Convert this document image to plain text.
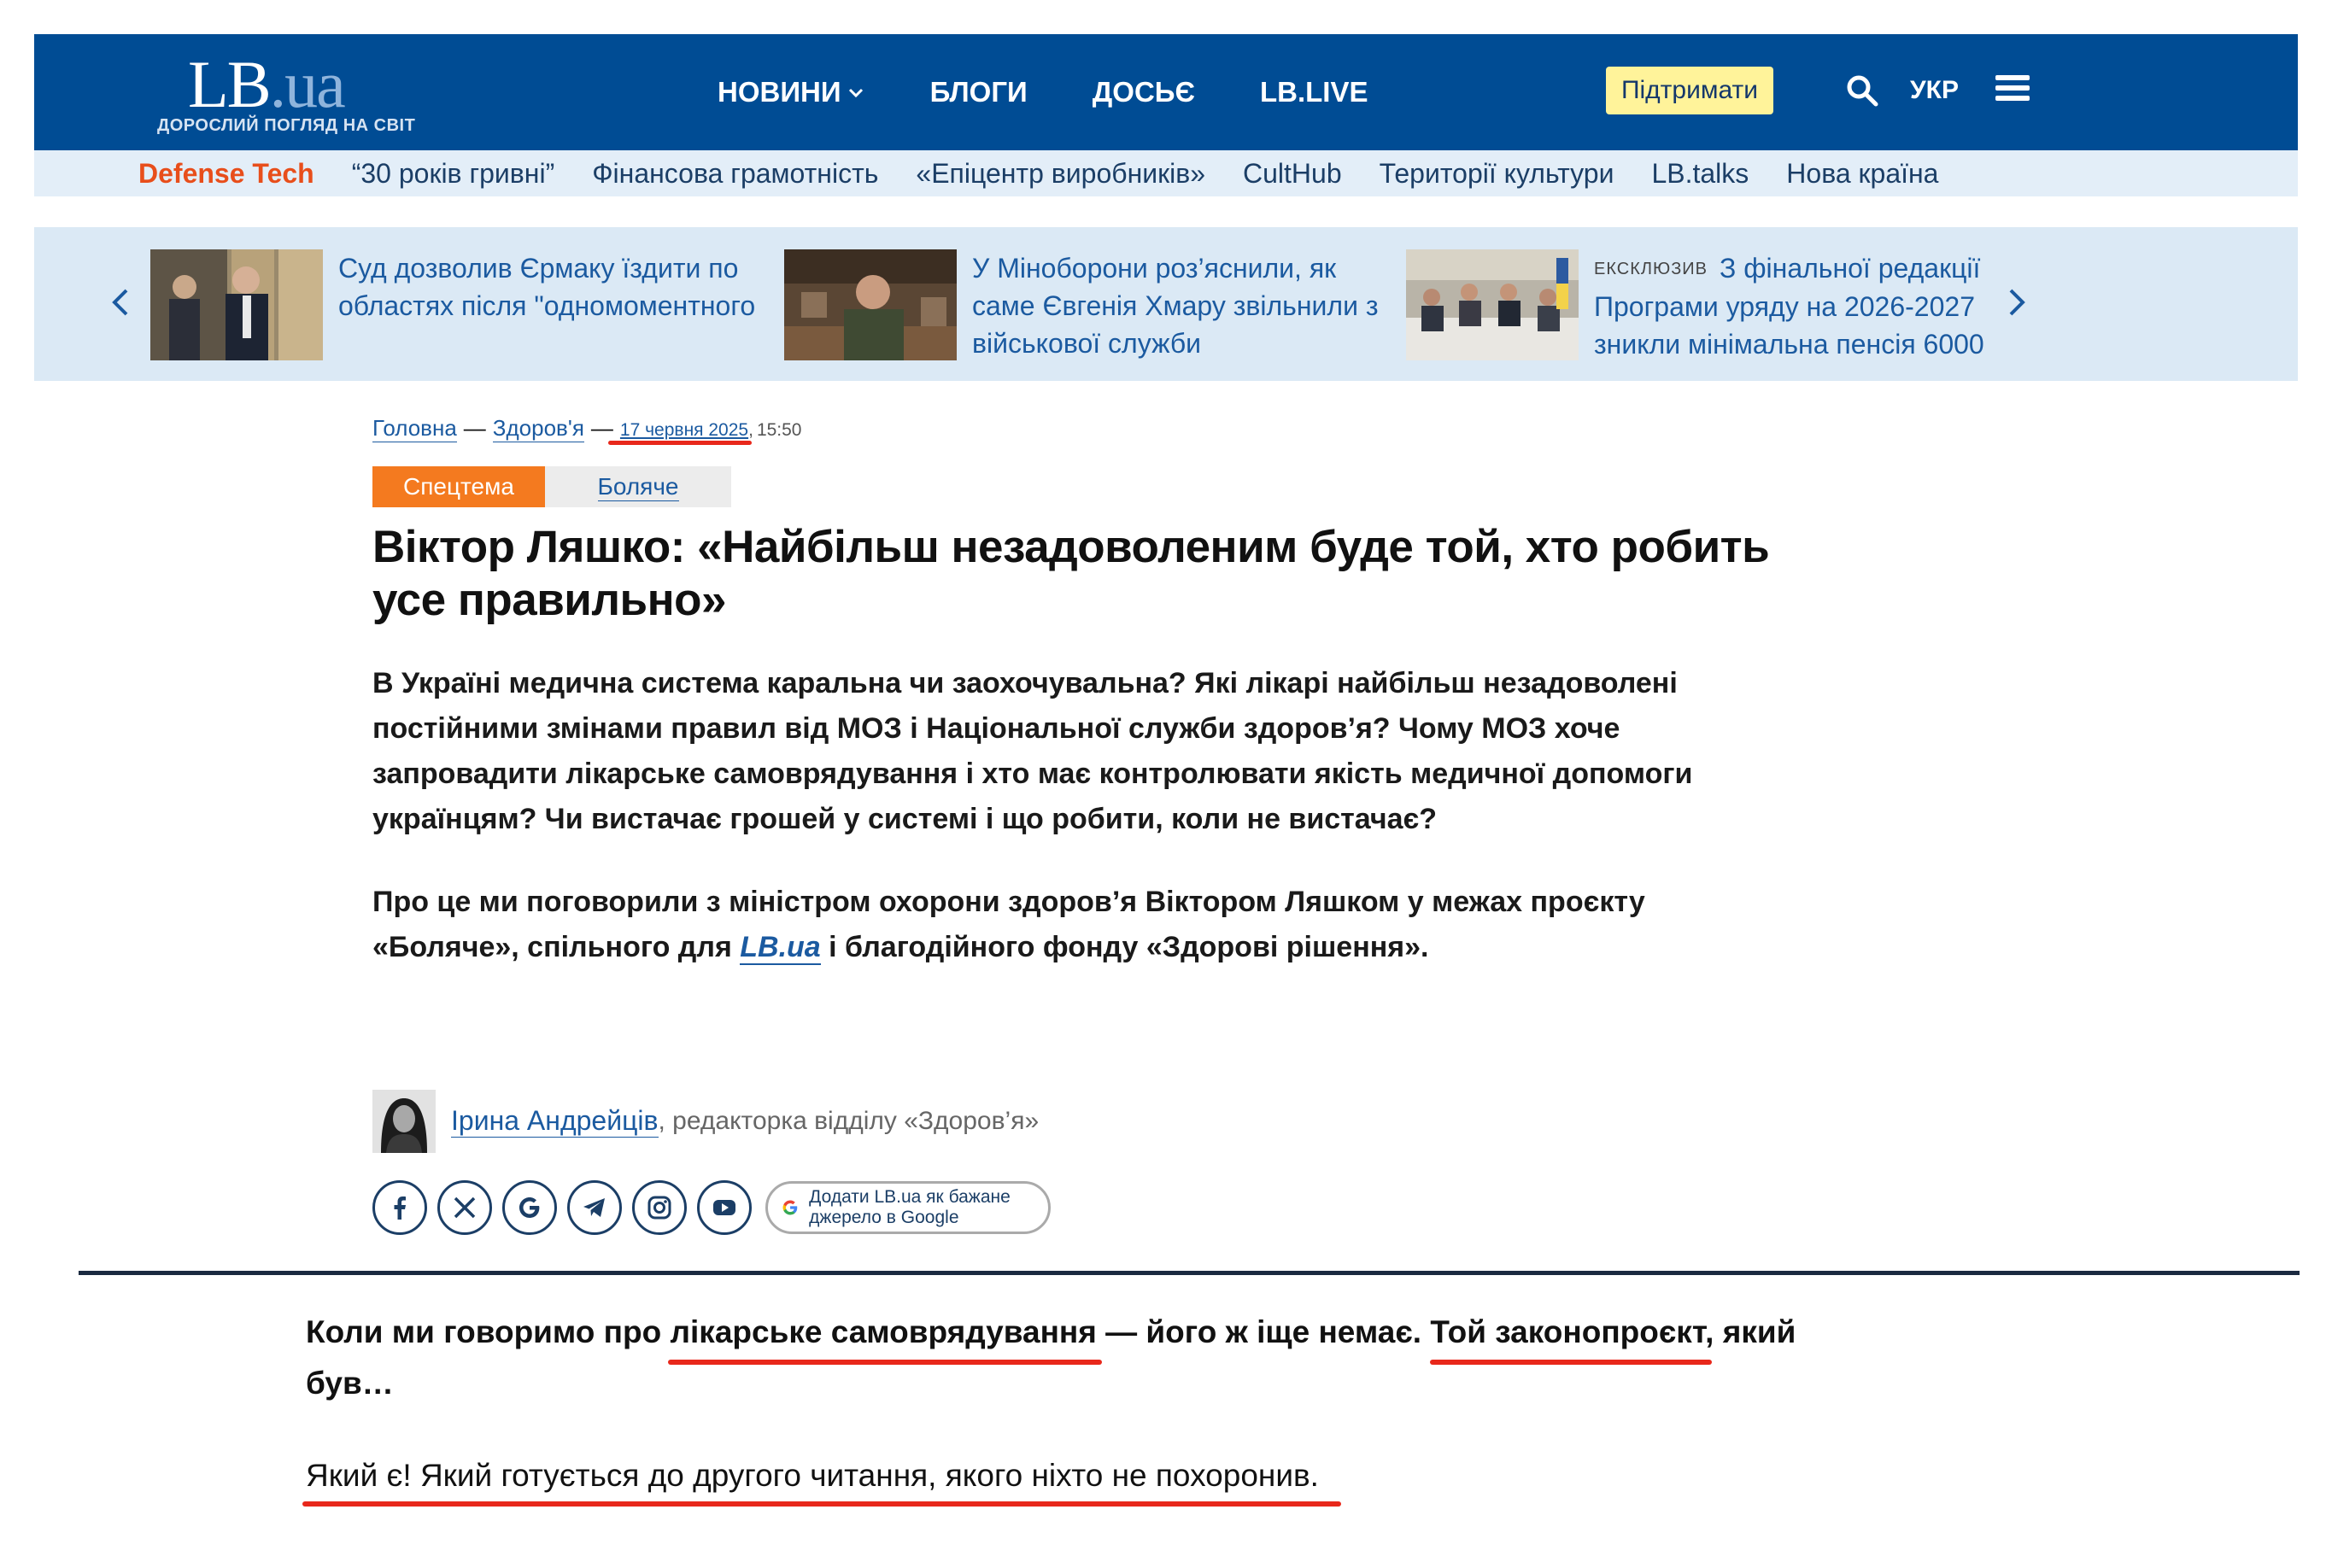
LB.ua
ДОРОСЛИЙ ПОГЛЯД НА СВІТ
НОВИНИ	БЛОГИ ДОСЬЄ LB.LIVE	Підтримати	УКР
Defense Tech “30 років гривні” Фінансова грамотність «Епіцентр виробників» CultHub Території культури LB.talks Нова країна
Суд дозволив Єрмаку їздити по областях після "одномоментного
У Міноборони роз’яснили, як саме Євгенія Хмару звільнили з військової служби
ЕКСКЛЮЗИВ З фінальної редакції Програми уряду на 2026-2027 зникли мінімальна пенсія 6000
Головна — Здоров'я — 17 червня 2025 , 15:50
Спецтема	Боляче
Віктор Ляшко: «Найбільш незадоволеним буде той, хто робить усе правильно»

В Україні медична система каральна чи заохочувальна? Які лікарі найбільш незадоволені постійними змінами правил від МОЗ і Національної служби здоров’я? Чому МОЗ хоче запровадити лікарське самоврядування і хто має контролювати якість медичної допомоги українцям? Чи вистачає грошей у системі і що робити, коли не вистачає?

Про це ми поговорили з міністром охорони здоров’я Віктором Ляшком у межах проєкту «Боляче», спільного для LB.ua і благодійного фонду «Здорові рішення».

Ірина Андрейців , редакторка відділу «Здоров’я»
Додати LB.ua як бажане джерело в Google

Коли ми говоримо про лікарське самоврядування — його ж іще немає. Той законопроєкт, який був…

Який є! Який готується до другого читання, якого ніхто не похоронив.
